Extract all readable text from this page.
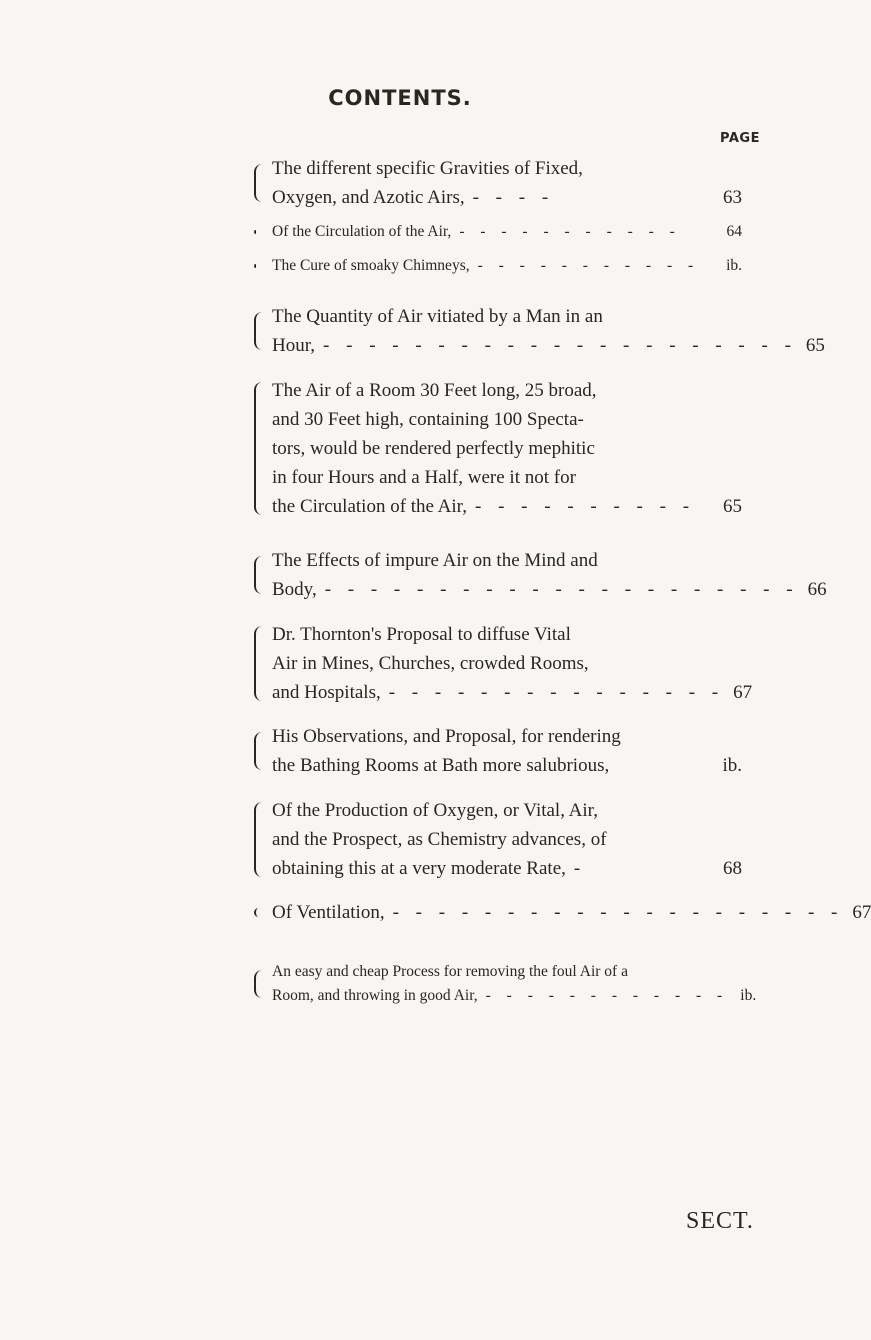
CONTENTS.
PAGE
The different specific Gravities of Fixed,
Oxygen, and Azotic Airs, - - - -	63
Of the Circulation of the Air, - - - - - - - - - - -	64
The Cure of smoaky Chimneys, - - - - - - - - - - -	ib.
The Quantity of Air vitiated by a Man in an
Hour, - - - - - - - - - - - - - - - - - - - - - 65
The Air of a Room 30 Feet long, 25 broad,
and 30 Feet high, containing 100 Specta-
tors, would be rendered perfectly mephitic
in four Hours and a Half, were it not for
the Circulation of the Air, - - - - - - - - - -	65
The Effects of impure Air on the Mind and
Body, - - - - - - - - - - - - - - - - - - - - - 66
Dr. Thornton's Proposal to diffuse Vital
Air in Mines, Churches, crowded Rooms,
and Hospitals, - - - - - - - - - - - - - - - 67
His Observations, and Proposal, for rendering
the Bathing Rooms at Bath more salubrious,	ib.
Of the Production of Oxygen, or Vital, Air,
and the Prospect, as Chemistry advances, of
obtaining this at a very moderate Rate, -	68
Of Ventilation, - - - - - - - - - - - - - - - - - - - - 67
An easy and cheap Process for removing the foul Air of a
Room, and throwing in good Air, - - - - - - - - - - - - ib.
SECT.
